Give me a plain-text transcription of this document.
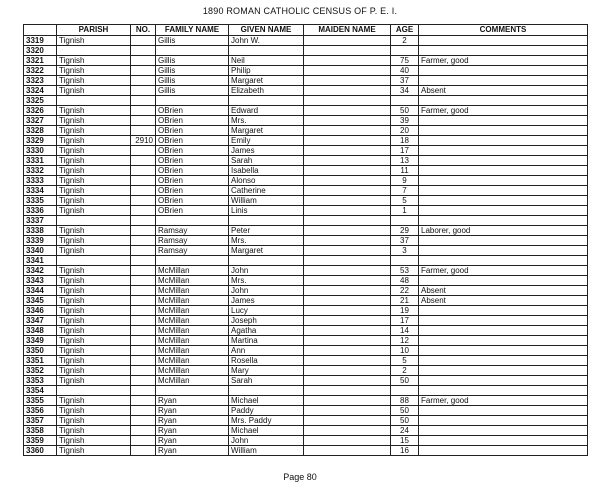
1890 ROMAN CATHOLIC CENSUS OF P. E. I.
	PARISH	NO.	FAMILY NAME	GIVEN NAME	MAIDEN NAME	AGE	COMMENTS
3319	Tignish		Gillis	John W.		2	
3320							
3321	Tignish		Gillis	Neil		75	Farmer, good
3322	Tignish		Gillis	Philip		40	
3323	Tignish		Gillis	Margaret		37	
3324	Tignish		Gillis	Elizabeth		34	Absent
3325							
3326	Tignish		OBrien	Edward		50	Farmer, good
3327	Tignish		OBrien	Mrs.		39	
3328	Tignish		OBrien	Margaret		20	
3329	Tignish	2910	OBrien	Emily		18	
3330	Tignish		OBrien	James		17	
3331	Tignish		OBrien	Sarah		13	
3332	Tignish		OBrien	Isabella		11	
3333	Tignish		OBrien	Alonso		9	
3334	Tignish		OBrien	Catherine		7	
3335	Tignish		OBrien	William		5	
3336	Tignish		OBrien	Linis		1	
3337							
3338	Tignish		Ramsay	Peter		29	Laborer, good
3339	Tignish		Ramsay	Mrs.		37	
3340	Tignish		Ramsay	Margaret		3	
3341							
3342	Tignish		McMillan	John		53	Farmer, good
3343	Tignish		McMillan	Mrs.		48	
3344	Tignish		McMillan	John		22	Absent
3345	Tignish		McMillan	James		21	Absent
3346	Tignish		McMillan	Lucy		19	
3347	Tignish		McMillan	Joseph		17	
3348	Tignish		McMillan	Agatha		14	
3349	Tignish		McMillan	Martina		12	
3350	Tignish		McMillan	Ann		10	
3351	Tignish		McMillan	Rosella		5	
3352	Tignish		McMillan	Mary		2	
3353	Tignish		McMillan	Sarah		50	
3354							
3355	Tignish		Ryan	Michael		88	Farmer, good
3356	Tignish		Ryan	Paddy		50	
3357	Tignish		Ryan	Mrs. Paddy		50	
3358	Tignish		Ryan	Michael		24	
3359	Tignish		Ryan	John		15	
3360	Tignish		Ryan	William		16	
Page 80
